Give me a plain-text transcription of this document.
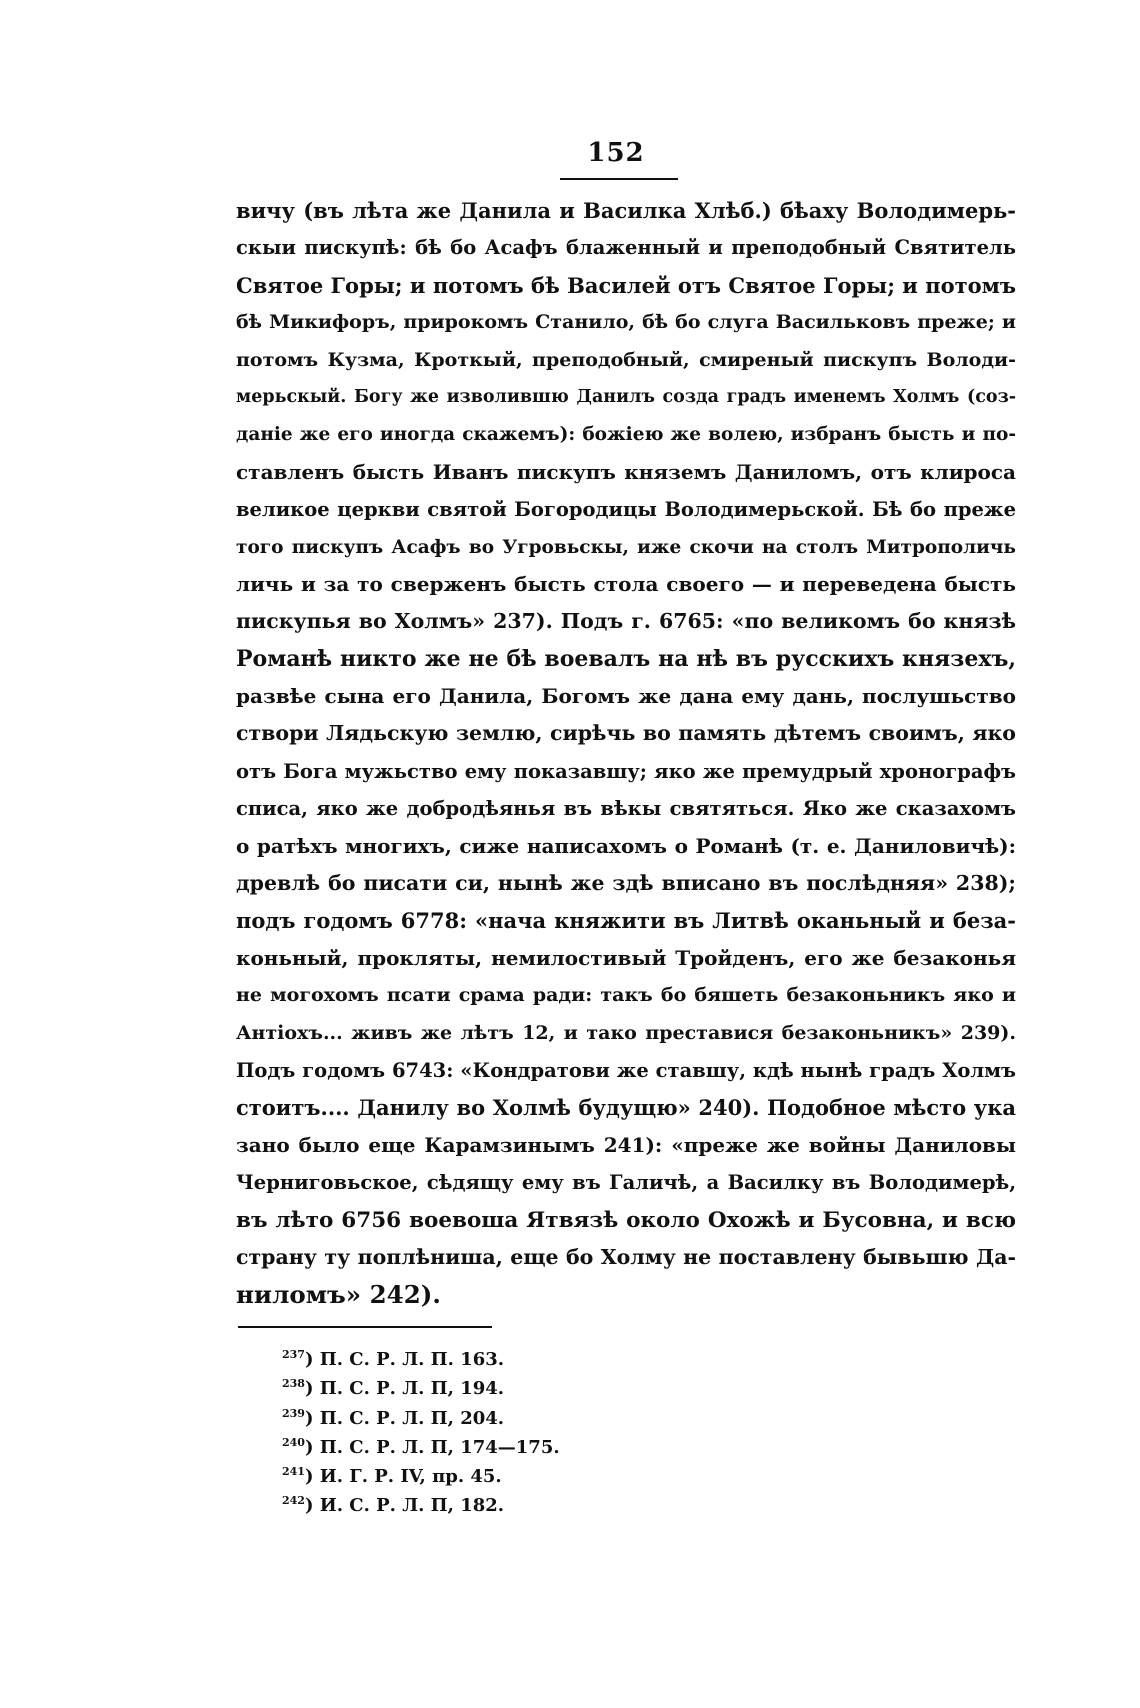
152
вичу (въ лѣта же Данила и Василка Хлѣб.) бѣаху Володимерь-
скыи пискупѣ: бѣ бо Асафъ блаженный и преподобный Святитель
Святое Горы; и потомъ бѣ Василей отъ Святое Горы; и потомъ
бѣ Микифоръ, прирокомъ Станило, бѣ бо слуга Васильковъ преже; и
потомъ Кузма, Кроткый, преподобный, смиреный пискупъ Володи-
мерьскый. Богу же изволившю Данилъ созда градъ именемъ Холмъ (соз-
даніе же его иногда скажемъ): божіею же волею, избранъ бысть и по-
ставленъ бысть Иванъ пискупъ княземъ Даниломъ, отъ клироса
великое церкви святой Богородицы Володимерьской. Бѣ бо преже
того пискупъ Асафъ во Угровьскы, иже скочи на столъ Митрополичь
личь и за то сверженъ бысть стола своего — и переведена бысть
пискупья во Холмъ» 237). Подъ г. 6765: «по великомъ бо князѣ
Романѣ никто же не бѣ воевалъ на нѣ въ русскихъ князехъ,
развѣе сына его Данила, Богомъ же дана ему дань, послушьство
створи Лядьскую землю, сирѣчь во память дѣтемъ своимъ, яко
отъ Бога мужьство ему показавшу; яко же премудрый хронографъ
списа, яко же добродѣянья въ вѣкы святяться. Яко же сказахомъ
о ратѣхъ многихъ, сиже написахомъ о Романѣ (т. е. Даниловичѣ):
древлѣ бо писати си, нынѣ же здѣ вписано въ послѣдняя» 238);
подъ годомъ 6778: «нача княжити въ Литвѣ оканьный и беза-
коньный, прокляты, немилостивый Тройденъ, его же безаконья
не могохомъ псати срама ради: такъ бо бяшеть безаконьникъ яко и
Антіохъ... живъ же лѣтъ 12, и тако преставися безаконьникъ» 239).
Подъ годомъ 6743: «Кондратови же ставшу, кдѣ нынѣ градъ Холмъ
стоитъ.... Данилу во Холмѣ будущю» 240). Подобное мѣсто ука
зано было еще Карамзинымъ 241): «преже же войны Даниловы
Черниговьское, сѣдящу ему въ Галичѣ, а Василку въ Володимерѣ,
въ лѣто 6756 воевоша Ятвязѣ около Охожѣ и Бусовна, и всю
страну ту поплѣниша, еще бо Холму не поставлену бывьшю Да-
ниломъ» 242).
$^{237}$) П. С. Р. Л. П. 163.
$^{238}$) П. С. Р. Л. П, 194.
$^{239}$) П. С. Р. Л. П, 204.
$^{240}$) П. С. Р. Л. П, 174—175.
$^{241}$) И. Г. Р. IV, пр. 45.
$^{242}$) И. С. Р. Л. П, 182.
